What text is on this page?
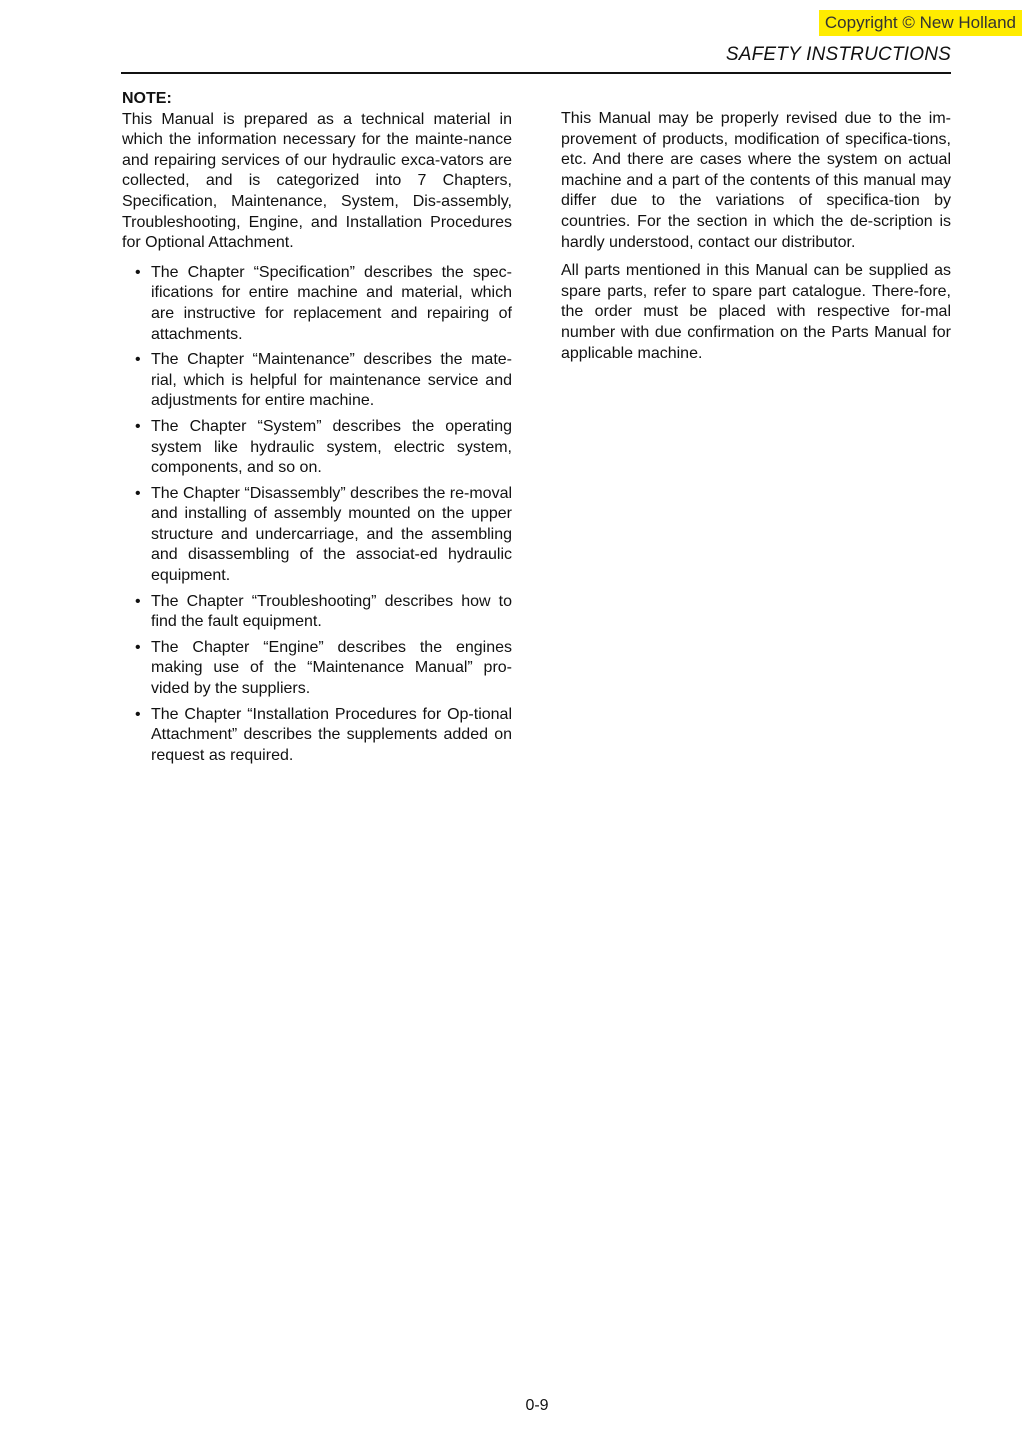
Copyright © New Holland
SAFETY INSTRUCTIONS

NOTE:

This Manual is prepared as a technical material in which the information necessary for the mainte-nance and repairing services of our hydraulic exca-vators are collected, and is categorized into 7 Chapters, Specification, Maintenance, System, Dis-assembly, Troubleshooting, Engine, and Installation Procedures for Optional Attachment.

• The Chapter “Specification” describes the spec-ifications for entire machine and material, which are instructive for replacement and repairing of attachments.
• The Chapter “Maintenance” describes the mate-rial, which is helpful for maintenance service and adjustments for entire machine.
• The Chapter “System” describes the operating system like hydraulic system, electric system, components, and so on.
• The Chapter “Disassembly” describes the re-moval and installing of assembly mounted on the upper structure and undercarriage, and the assembling and disassembling of the associat-ed hydraulic equipment.
• The Chapter “Troubleshooting” describes how to find the fault equipment.
• The Chapter “Engine” describes the engines making use of the “Maintenance Manual” pro-vided by the suppliers.
• The Chapter “Installation Procedures for Op-tional Attachment” describes the supplements added on request as required.

This Manual may be properly revised due to the im-provement of products, modification of specifica-tions, etc. And there are cases where the system on actual machine and a part of the contents of this manual may differ due to the variations of specifica-tion by countries. For the section in which the de-scription is hardly understood, contact our distributor.

All parts mentioned in this Manual can be supplied as spare parts, refer to spare part catalogue. There-fore, the order must be placed with respective for-mal number with due confirmation on the Parts Manual for applicable machine.

0-9
